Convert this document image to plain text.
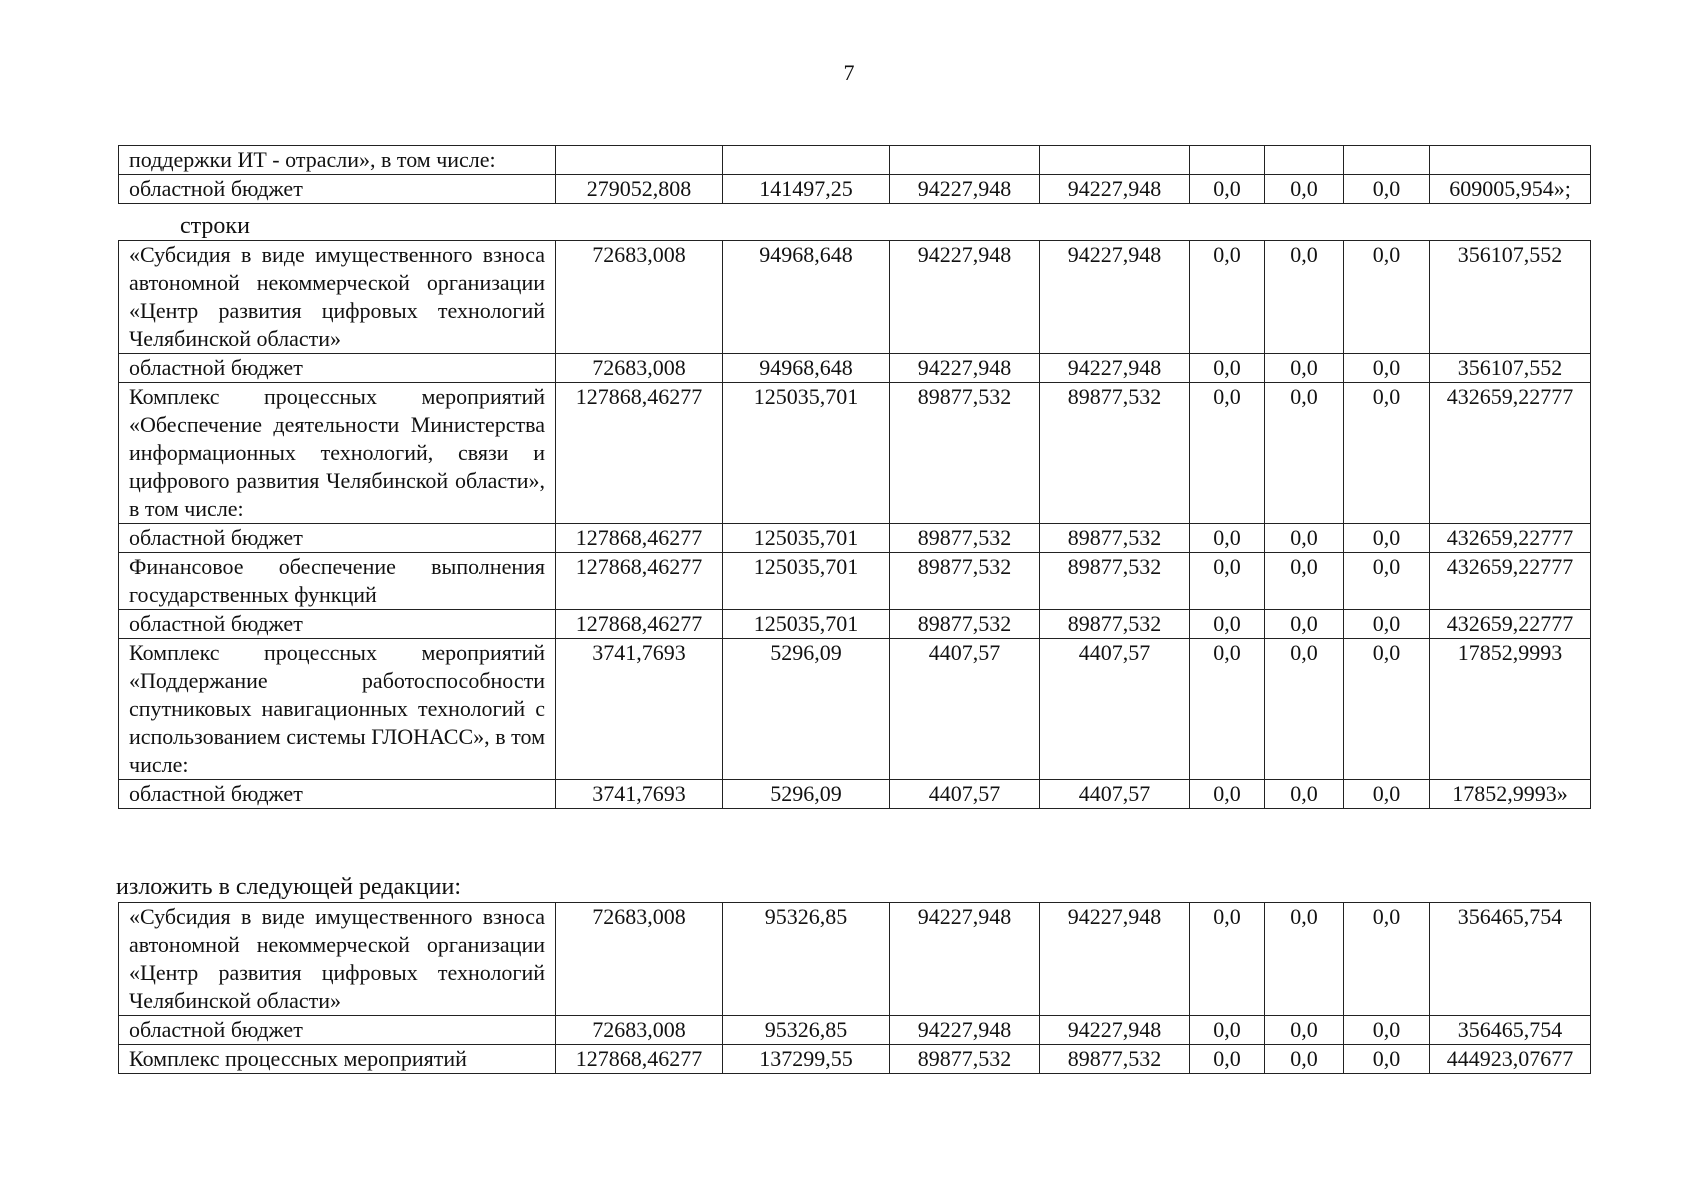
7
поддержки ИТ - отрасли», в том числе:								
областной бюджет	279052,808	141497,25	94227,948	94227,948	0,0	0,0	0,0	609005,954»;
строки
«Субсидия в виде имущественного взноса автономной некоммерческой организации «Центр развития цифровых технологий Челябинской области»	72683,008	94968,648	94227,948	94227,948	0,0	0,0	0,0	356107,552
областной бюджет	72683,008	94968,648	94227,948	94227,948	0,0	0,0	0,0	356107,552
Комплекс процессных мероприятий «Обеспечение деятельности Министерства информационных технологий, связи и цифрового развития Челябинской области», в том числе:	127868,46277	125035,701	89877,532	89877,532	0,0	0,0	0,0	432659,22777
областной бюджет	127868,46277	125035,701	89877,532	89877,532	0,0	0,0	0,0	432659,22777
Финансовое обеспечение выполнения государственных функций	127868,46277	125035,701	89877,532	89877,532	0,0	0,0	0,0	432659,22777
областной бюджет	127868,46277	125035,701	89877,532	89877,532	0,0	0,0	0,0	432659,22777
Комплекс процессных мероприятий «Поддержание работоспособности спутниковых навигационных технологий с использованием системы ГЛОНАСС», в том числе:	3741,7693	5296,09	4407,57	4407,57	0,0	0,0	0,0	17852,9993
областной бюджет	3741,7693	5296,09	4407,57	4407,57	0,0	0,0	0,0	17852,9993»
изложить в следующей редакции:
«Субсидия в виде имущественного взноса автономной некоммерческой организации «Центр развития цифровых технологий Челябинской области»	72683,008	95326,85	94227,948	94227,948	0,0	0,0	0,0	356465,754
областной бюджет	72683,008	95326,85	94227,948	94227,948	0,0	0,0	0,0	356465,754
Комплекс процессных мероприятий	127868,46277	137299,55	89877,532	89877,532	0,0	0,0	0,0	444923,07677
